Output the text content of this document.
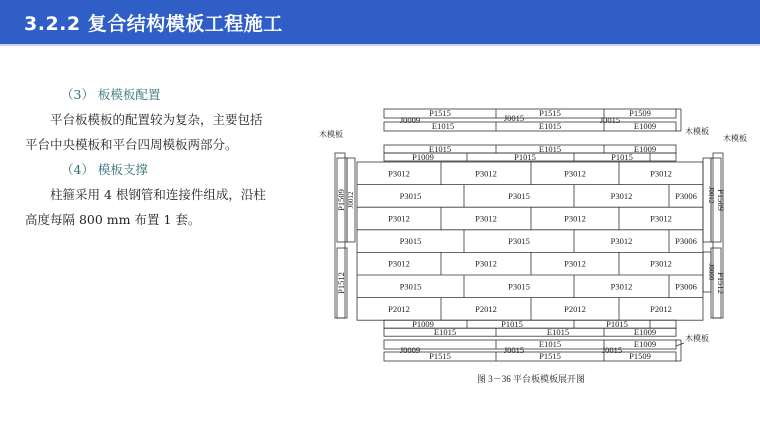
3.2.2 复合结构模板工程施工

（3） 板模板配置

平台板模板的配置较为复杂，主要包括

平台中央模板和平台四周模板两部分。

（4） 模板支撑

柱箍采用 4 根钢管和连接件组成，沿柱

高度每隔 800 mm 布置 1 套。

P1515	P1515	P1509
E1015	E1015	E1009
J0009	J0015	J0015
木模板	木模板
木模板
木模板
P1509 J0012
P1512
P1509
J0012
P1512
J0009
E1015	E1015	E1009
P1009	P1015	P1015
P3012	P3012	P3012	P3012
P3015	P3015	P3012	P3006
P3012	P3012	P3012	P3012
P3015	P3015	P3012	P3006
P3012	P3012	P3012	P3012
P3015	P3015	P3012	P3006
P2012	P2012	P2012	P2012
P1009	P1015	P1015
E1015	E1015	E1009
E1015	E1009
P1515	P1515	P1509
J0009	J0015	J0015
图 3－36 平台板模板展开图
